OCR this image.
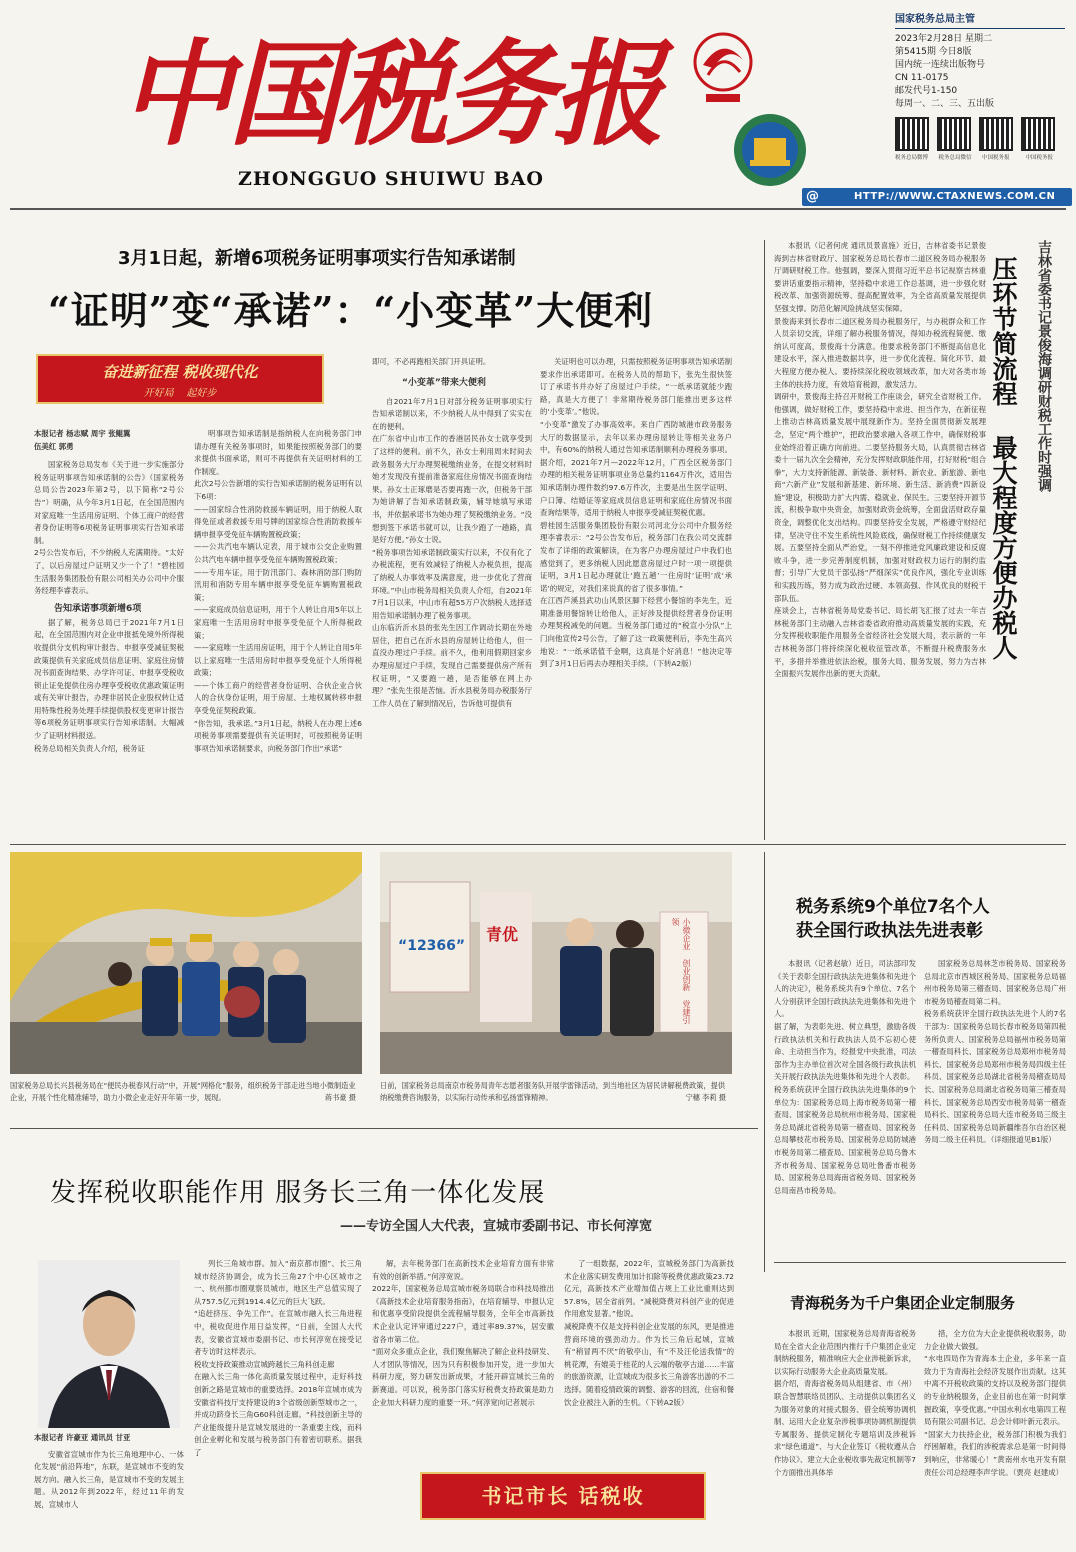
中国税务报
ZHONGGUO SHUIWU BAO
国家税务总局主管
2023年2月28日 星期二
第5415期 今日8版
国内统一连续出版物号
CN 11-0175
邮发代号1-150
每周一、二、三、五出版
税务总局微博	税务总局微信	中国税务报	中国税务报
@	HTTP://WWW.CTAXNEWS.COM.CN
3月1日起，新增6项税务证明事项实行告知承诺制
“证明”变“承诺”：“小变革”大便利
奋进新征程 税收现代化
开好局    起好步

本报记者 杨志赋 周宇 张鲲翼
伍美红 郭勇

国家税务总局发布《关于进一步实施部分税务证明事项告知承诺制的公告》（国家税务总局公告2023年第2号，以下简称“2号公告”）明确，从今年3月1日起，在全国范围内对家庭唯一生活用房证明、个体工商户的经营者身份证明等6项税务证明事项实行告知承诺制。
2号公告发布后，不少纳税人充满期待。“太好了，以后房屋过户证明又少一个了！”碧桂园生活服务集团股份有限公司相关办公司中介服务经理李睿表示。

告知承诺事项新增6项

据了解，税务总局已于2021年7月1日起，在全国范围内对企业申报抵免境外所得税收提供分支机构审计报告、申报享受减征契税政策提供有关家庭成员信息证明、家庭住房情况书面查询结果、办学许可证、申报享受税收锁止证免提供住房办理享受税收优惠政策证明或有关审计报告，办理非居民企业股权转让适用特殊性税务处理手续提供股权变更审计报告等6项税务证明事项实行告知承诺制。大幅减少了证明材料报送。
税务总局相关负责人介绍，税务证

明事项告知承诺制是指纳税人在向税务部门申请办理有关税务事项时，如果能按照税务部门的要求提供书面承诺，则可不再提供有关证明材料的工作制度。
此次2号公告新增的实行告知承诺制的税务证明有以下6项：
——国家综合性消防救援车辆证明，用于纳税人取得免征或者救援专用号牌的国家综合性消防救援车辆申报享受免征车辆购置税政策；
——公共汽电车辆认定表，用于城市公交企业购置公共汽电车辆申报享受免征车辆购置税政策；
——专用车证，用于防汛部门、森林消防部门购防汛用和消防专用车辆申报享受免征车辆购置税政策；
——家庭成员信息证明，用于个人转让自用5年以上家庭唯一生活用房时申报享受免征个人所得税政策；
——家庭唯一生活用房证明，用于个人转让自用5年以上家庭唯一生活用房时申报享受免征个人所得税政策；
——个体工商户的经营者身份证明、合伙企业合伙人的合伙身份证明，用于房屋、土地权属转移申报享受免征契税政策。
“你告知，我承诺。”3月1日起，纳税人在办理上述6项税务事项需要提供有关证明时，可按照税务证明事项告知承诺制要求，向税务部门作出“承诺”

即可，不必再跑相关部门开具证明。

“小变革”带来大便利

自2021年7月1日对部分税务证明事项实行告知承诺制以来，不少纳税人从中得到了实实在在的便利。
在广东省中山市工作的香港居民孙女士就享受到了这样的便利。前不久，孙女士利用周末时间去政务服务大厅办理契税缴纳业务，在提交材料时她才发现没有提前准备家庭住房情况书面查询结果。孙女士正琢磨是否要再跑一次，但税务干部为她讲解了告知承诺制政策，辅导她填写承诺书，并依据承诺书为她办理了契税缴纳业务。“没想到签下承诺书就可以，让我少跑了一趟路，真是好方便。”孙女士说。
“税务事项告知承诺制政策实行以来，不仅有化了办税流程，更有效减轻了纳税人办税负担，提高了纳税人办事效率及满意度，进一步优化了营商环境。”中山市税务局相关负责人介绍，自2021年7月1日以来，中山市有超55万户次纳税人选择适用告知承诺制办理了税务事项。
山东临沂沂水县的张先生因工作调动长期在外地居住，把自己在沂水县的房屋转让给他人，但一直没办理过户手续。前不久，他利用假期回家乡办理房屋过户手续，发现自己需要提供房产所有权证明，“又要跑一趟，是否能够在网上办理？”张先生很是苦恼。沂水县税务局办税服务厅工作人员在了解到情况后，告诉他可提供有

关证明也可以办理，只需按照税务证明事项告知承诺制要求作出承诺即可。在税务人员的帮助下，张先生很快签订了承诺书并办好了房屋过户手续。“一纸承诺就能少跑路，真是大方便了！非常期待税务部门能推出更多这样的‘小变革’。”他说。
“小变革”激发了办事高效率。来自广西防城港市政务服务大厅的数据显示，去年以来办理房屋转让等相关业务户中，有60%的纳税人通过告知承诺制顺利办理税务事项。据介绍，2021年7月—2022年12月，广西全区税务部门办理的相关税务证明事项业务总量约1164万件次，适用告知承诺制办理件数约97.6万件次，主要是出生医学证明、户口簿、结婚证等家庭成员信息证明和家庭住房情况书面查询结果等，适用于纳税人申报享受减征契税优惠。
碧桂园生活服务集团股份有限公司河北分公司中介服务经理李睿表示：“2号公告发布后，税务部门在我公司交流群发布了详细的政策解读，在为客户办理房屋过户中我们也感觉到了，更多纳税人因此愿意房屋过户时一项一项提供证明，3月1日起办理就让‘跑五趟’一住房时‘证明’成‘承诺’的规定，对我们来说真的省了很多事情。”
在江西芦溪县武功山风景区脚下经营小餐馆的李先生，近期准备用餐馆转让给他人，正好涉及提供经营者身份证明办理契税减免的问题。当税务部门通过的“税宣小分队”上门向他宣传2号公告，了解了这一政策便利后，李先生高兴地说：“一纸承诺值千金啊，这真是个好消息！”他决定等到了3月1日后再去办理相关手续。（下转A2版）

本报讯（记者何虎 通讯员景喜施）近日，吉林省委书记景俊海到吉林省财政厅、国家税务总局长春市二道区税务局办税服务厅调研财税工作。他强调，要深入贯彻习近平总书记视察吉林重要讲话重要指示精神，坚持稳中求进工作总基调，进一步强化财税改革、加强资源统筹、提高配置效率，为全省高质量发展提供坚强支撑。防范化解风险挑战坚实保障。
景俊海来到长春市二道区税务局办税服务厅，与办税群众和工作人员亲切交流，详细了解办税服务情况，得知办税流程简便、缴纳认可度高，景俊海十分满意。他要求税务部门不断提高信息化建设水平，深入推进数据共享，进一步优化流程、简化环节、最大程度方便办税人。要持续深化税收领域改革，加大对各类市场主体的扶持力度，有效培育税源，激发活力。
调研中，景俊海主持召开财税工作座谈会，研究全省财税工作。他强调，做好财税工作，要坚持稳中求进、担当作为，在新征程上推动吉林高质量发展中展现新作为。坚持全面贯彻新发展理念，坚定“两个维护”，把政治要求融入各项工作中，确保财税事业始终沿着正确方向前进。二要坚持服务大局，认真贯彻吉林省委十一届九次全会精神，充分发挥财政职能作用，打好财税“组合拳”，大力支持新能源、新装备、新材料、新农业、新旅游、新电商“六新产业”发展和新基建、新环境、新生活、新消费“四新设施”建设，积极助力扩大内需、稳就业、保民生。三要坚持开源节流，积极争取中央资金，加强财政资金统筹，全面盘活财政存量资金，调整优化支出结构。四要坚持安全发展，严格遵守财经纪律，坚决守住不发生系统性风险底线，确保财税工作持续健康发展。五要坚持全面从严治党，一刻不停推进党风廉政建设和反腐败斗争，进一步完善制度机制，加强对财政权力运行的制约监督；引导广大党员干部弘扬“严细深实”优良作风，强化专业训练和实践历练，努力成为政治过硬、本领高强、作风优良的财税干部队伍。
座谈会上，吉林省税务局党委书记、局长胡飞汇报了过去一年吉林税务部门主动融入吉林省委省政府推动高质量发展的实践，充分发挥税收职能作用服务全省经济社会发展大局，表示新的一年吉林税务部门将持续深化税收征管改革，不断提升税费服务水平，多措并举推进依法治税，服务大局、服务发展，努力为吉林全面振兴发展作出新的更大贡献。

压环节简流程 最大程度方便办税人 吉林省委书记景俊海调研财税工作时强调

国家税务总局长兴县税务局在“便民办税春风行动”中，开展“网格化”服务，组织税务干部走进当地小微制造业企业，开展个性化精准辅导，助力小微企业走好开年第一步，展现。	蒋书豪 摄
“12366”
青优	小微企业 创业创新 党建引领
日前，国家税务总局南京市税务局青年志愿者服务队开展学雷锋活动，到当地社区为居民讲解税费政策，提供纳税缴费咨询服务，以实际行动传承和弘扬雷锋精神。	宁穗 李莉 摄
税务系统9个单位7名个人
获全国行政执法先进表彰

本报讯（记者赵敏）近日，司法部印发《关于表彰全国行政执法先进集体和先进个人的决定》，税务系统共有9个单位、7名个人分别获评全国行政执法先进集体和先进个人。
据了解，为表彰先进、树立典型，激励各级行政执法机关和行政执法人员不忘初心使命、主动担当作为，经报党中央批准，司法部作为主办单位首次对全国各级行政执法机关开展行政执法先进集体和先进个人表彰。
税务系统获评全国行政执法先进集体的9个单位为：国家税务总局上海市税务局第一稽查局、国家税务总局杭州市税务局、国家税务总局湖北省税务局第一稽查局、国家税务总局攀枝花市税务局、国家税务总局防城港市税务局第二稽查局、国家税务总局乌鲁木齐市税务局、国家税务总局吐鲁番市税务局、国家税务总局海南省税务局、国家税务总局南昌市税务局。

国家税务总局林芝市税务局、国家税务总局北京市西城区税务局、国家税务总局福州市税务局第三稽查局、国家税务总局广州市税务局稽查局第二科。
税务系统获评全国行政执法先进个人的7名干部为：国家税务总局长春市税务局第四税务所负责人、国家税务总局福州市税务局第一稽查局科长、国家税务总局郑州市税务局科长、国家税务总局郑州市税务局四级主任科员、国家税务总局湖北省税务局稽查局局长、国家税务总局湖北省税务局第三稽查局科长、国家税务总局西安市税务局第一稽查局科长、国家税务总局大连市税务局三级主任科员、国家税务总局新疆维吾尔自治区税务局二级主任科员。（详细报道见B1版）

发挥税收职能作用 服务长三角一体化发展
——专访全国人大代表，宣城市委副书记、市长何淳宽

本报记者 许豪亚 通讯员 甘亚

安徽省宣城市作为长三角地理中心、一体化发展“前沿阵地”，东联，是宣城市不变的发展方向。融入长三角，是宣城市不变的发展主题。从2012年到2022年，经过11年的发展，宣城市人

列长三角城市群。加入“南京都市圈”、长三角城市经济协调会，成为长三角27个中心区城市之一、杭州都市圈观察员城市，地区生产总值实现了从757.5亿元到1914.4亿元的巨大飞跃。
“追赶挤压、争先工作”。在宣城市融入长三角进程中，税收促进作用日益发挥，“日前，全国人大代表，安徽省宣城市委副书记、市长何淳宽在接受记者专访时这样表示。
税收支持政策推动宣城跨越长三角科创走廊
在融入长三角一体化高质量发展过程中，走好科技创新之路是宣城市的重要选择。2018年宣城市成为安徽省科技厅支持建设的3个省级创新型城市之一，并成功跻身长三角G60科创走廊。“科技创新主导的产业能级提升是宣城发展进的一条重要主线，而科创企业孵化和发展与税务部门有着密切联系。据我了

解，去年税务部门在高新技术企业培育方面有非常有效的创新举措。”何淳宽说。
2022年，国家税务总局宣城市税务局联合市科技局推出《高新技术企业培育服务指南》，在培育辅导、申报认定和优惠享受阶段提供全流程辅导服务，全年全市高新技术企业认定评审通过227户，通过率89.37%，居安徽省各市第二位。
“面对众多重点企业，我们聚焦解决了解企业科技研发、人才团队等情况，因为只有积极参加开发，进一步加大科研力度，努力研发出新成果，才能开辟宣城长三角的新赛道。可以说，税务部门落实好税费支持政策是助力企业加大科研力度的重要一环。”何淳宽向记者展示

了一组数据，2022年，宣城税务部门为高新技术企业落实研发费用加计扣除等税费优惠政策23.72亿元，高新技术产业增加值占规上工业比重则达到57.8%，居全省前列。“减税降费对科创产业的促进作用愈发显著。”他说。
减税降费不仅是支持科创企业发展的东风，更是推进营商环境的强劲动力。作为长三角后起城，宣城有“稍冒两不厌”的敬亭山，有“不及汪伦送我情”的桃花潭，有媲美于桂花的人云端的敬亭古道……丰富的旅游资源，让宣城成为很多长三角游客出游的不二选择。随着疫情政策的调整、游客的回流，住宿和餐饮企业被注入新的生机。（下转A2版）

书记市长 话税收
青海税务为千户集团企业定制服务

本报讯 近期，国家税务总局青海省税务局在全省大企业范围内推行千户集团企业定制纳税服务，精准响应大企业涉税新诉求，以实际行动服务大企业高质量发展。
据介绍，青海省税务局从组建省、市（州）联合智慧联络员团队、主动提供以集团名义为服务对象的对接式服务、借全统筹协调机制、运用大企业复杂涉税事项协调机制提供专属服务、提供定制化专题培训及涉税诉求“绿色通道”、与大企业签订《税收遵从合作协议》、建立大企业税收事先裁定机制等7个方面推出具体举

措，全方位为大企业提供税收服务，助力企业做大做强。
“水电四局作为青海本土企业，多年来一直致力于为青海社会经济发展作出贡献。这其中离不开税收政策的支持以及税务部门提供的专业纳税服务，企业目前也在第一时间掌握政策，享受优惠。”中国水利水电第四工程局有限公司副书记、总会计师叶新元表示。
“国家大力扶持企业，税务部门积极为我们纾困解难，我们的涉税需求总是第一时间得到响应，非常暖心！”黄南州水电开发有限责任公司总经理李声学说。（贾亮 赵建成）
